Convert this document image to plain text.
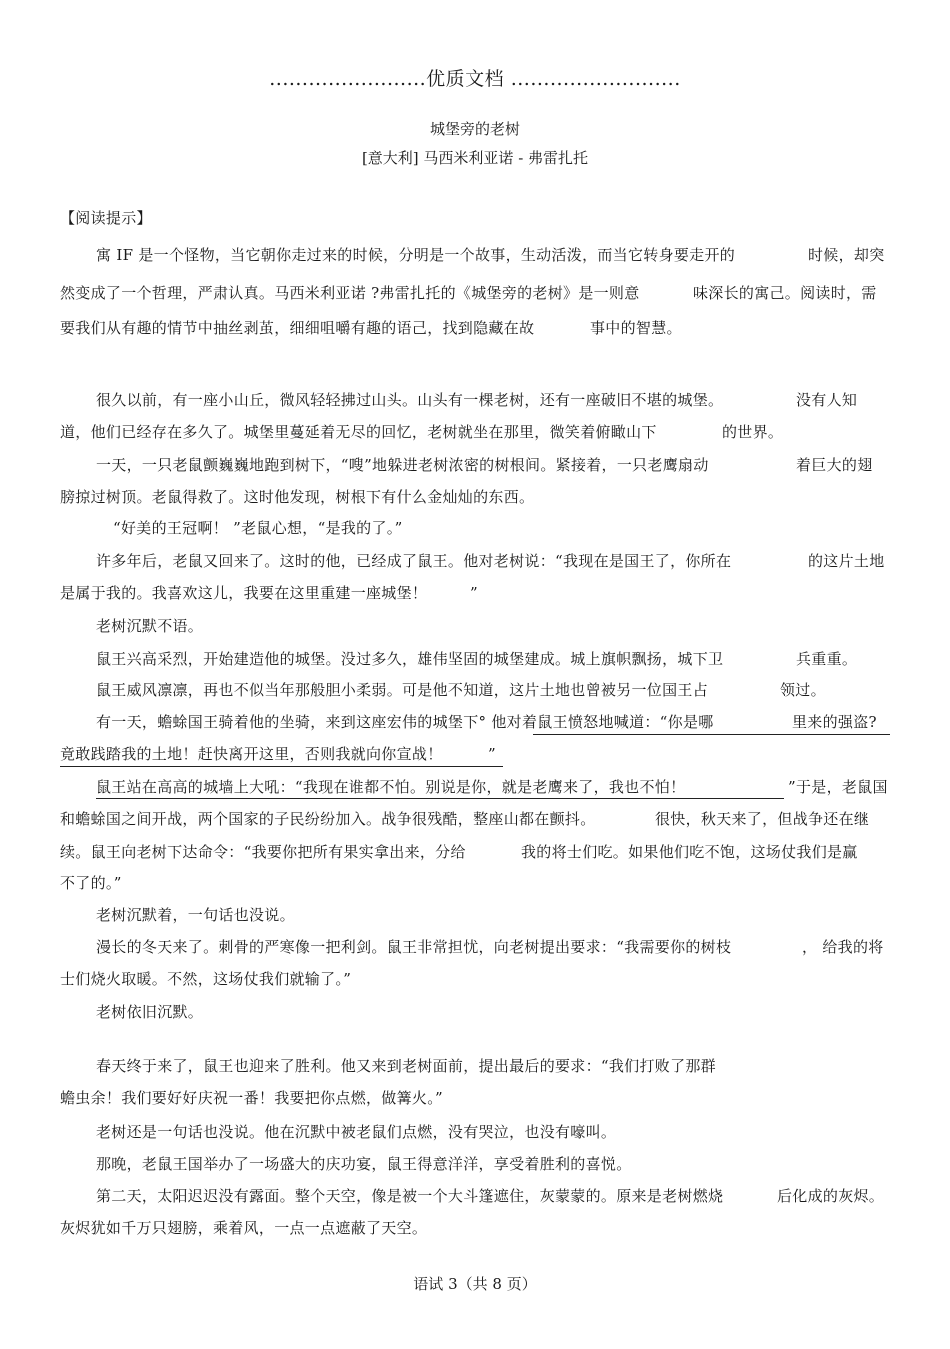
........................优质文档 ..........................
城堡旁的老树
[意大利] 马西米利亚诺 - 弗雷扎托
【阅读提示】
寓 IF 是一个怪物，当它朝你走过来的时候，分明是一个故事，生动活泼，而当它转身要走开的	时候，却突
然变成了一个哲理，严肃认真。马西米利亚诺 ?弗雷扎托的《城堡旁的老树》是一则意	味深长的寓己。阅读时，需
要我们从有趣的情节中抽丝剥茧，细细咀嚼有趣的语己，找到隐藏在故	事中的智慧。
很久以前，有一座小山丘，微风轻轻拂过山头。山头有一棵老树，还有一座破旧不堪的城堡。	没有人知
道，他们已经存在多久了。城堡里蔓延着无尽的回忆，老树就坐在那里，微笑着俯瞰山下	的世界。
一天，一只老鼠颤巍巍地跑到树下，“嗖”地躲进老树浓密的树根间。紧接着，一只老鹰扇动	着巨大的翅
膀掠过树顶。老鼠得救了。这时他发现，树根下有什么金灿灿的东西。
“好美的王冠啊！ ”老鼠心想，“是我的了。”
许多年后，老鼠又回来了。这时的他，已经成了鼠王。他对老树说：“我现在是国王了，你所在	的这片土地
是属于我的。我喜欢这儿，我要在这里重建一座城堡！	”
老树沉默不语。
鼠王兴高采烈，开始建造他的城堡。没过多久，雄伟坚固的城堡建成。城上旗帜飘扬，城下卫	兵重重。
鼠王威风凛凛，再也不似当年那般胆小柔弱。可是他不知道，这片土地也曾被另一位国王占	领过。
有一天，蟾蜍国王骑着他的坐骑，来到这座宏伟的城堡下° 他对着鼠王愤怒地喊道：“你是哪	里来的强盗?
竟敢践踏我的土地！赶快离开这里，否则我就向你宣战！	”
鼠王站在高高的城墙上大吼：“我现在谁都不怕。别说是你，就是老鹰来了，我也不怕！	”于是，老鼠国
和蟾蜍国之间开战，两个国家的子民纷纷加入。战争很残酷，整座山都在颤抖。	很快，秋天来了，但战争还在继
续。鼠王向老树下达命令：“我要你把所有果实拿出来，分给	我的将士们吃。如果他们吃不饱，这场仗我们是赢
不了的。”
老树沉默着，一句话也没说。
漫长的冬天来了。刺骨的严寒像一把利剑。鼠王非常担忧，向老树提出要求：“我需要你的树枝	， 给我的将
士们烧火取暖。不然，这场仗我们就输了。”
老树依旧沉默。
春天终于来了，鼠王也迎来了胜利。他又来到老树面前，提出最后的要求：“我们打败了那群
蟾虫余！我们要好好庆祝一番！我要把你点燃，做篝火。”
老树还是一句话也没说。他在沉默中被老鼠们点燃，没有哭泣，也没有嚎叫。
那晚，老鼠王国举办了一场盛大的庆功宴，鼠王得意洋洋，享受着胜利的喜悦。
第二天，太阳迟迟没有露面。整个天空，像是被一个大斗篷遮住，灰蒙蒙的。原来是老树燃烧	后化成的灰烬。
灰烬犹如千万只翅膀，乘着风，一点一点遮蔽了天空。
语试 3（共 8 页）
